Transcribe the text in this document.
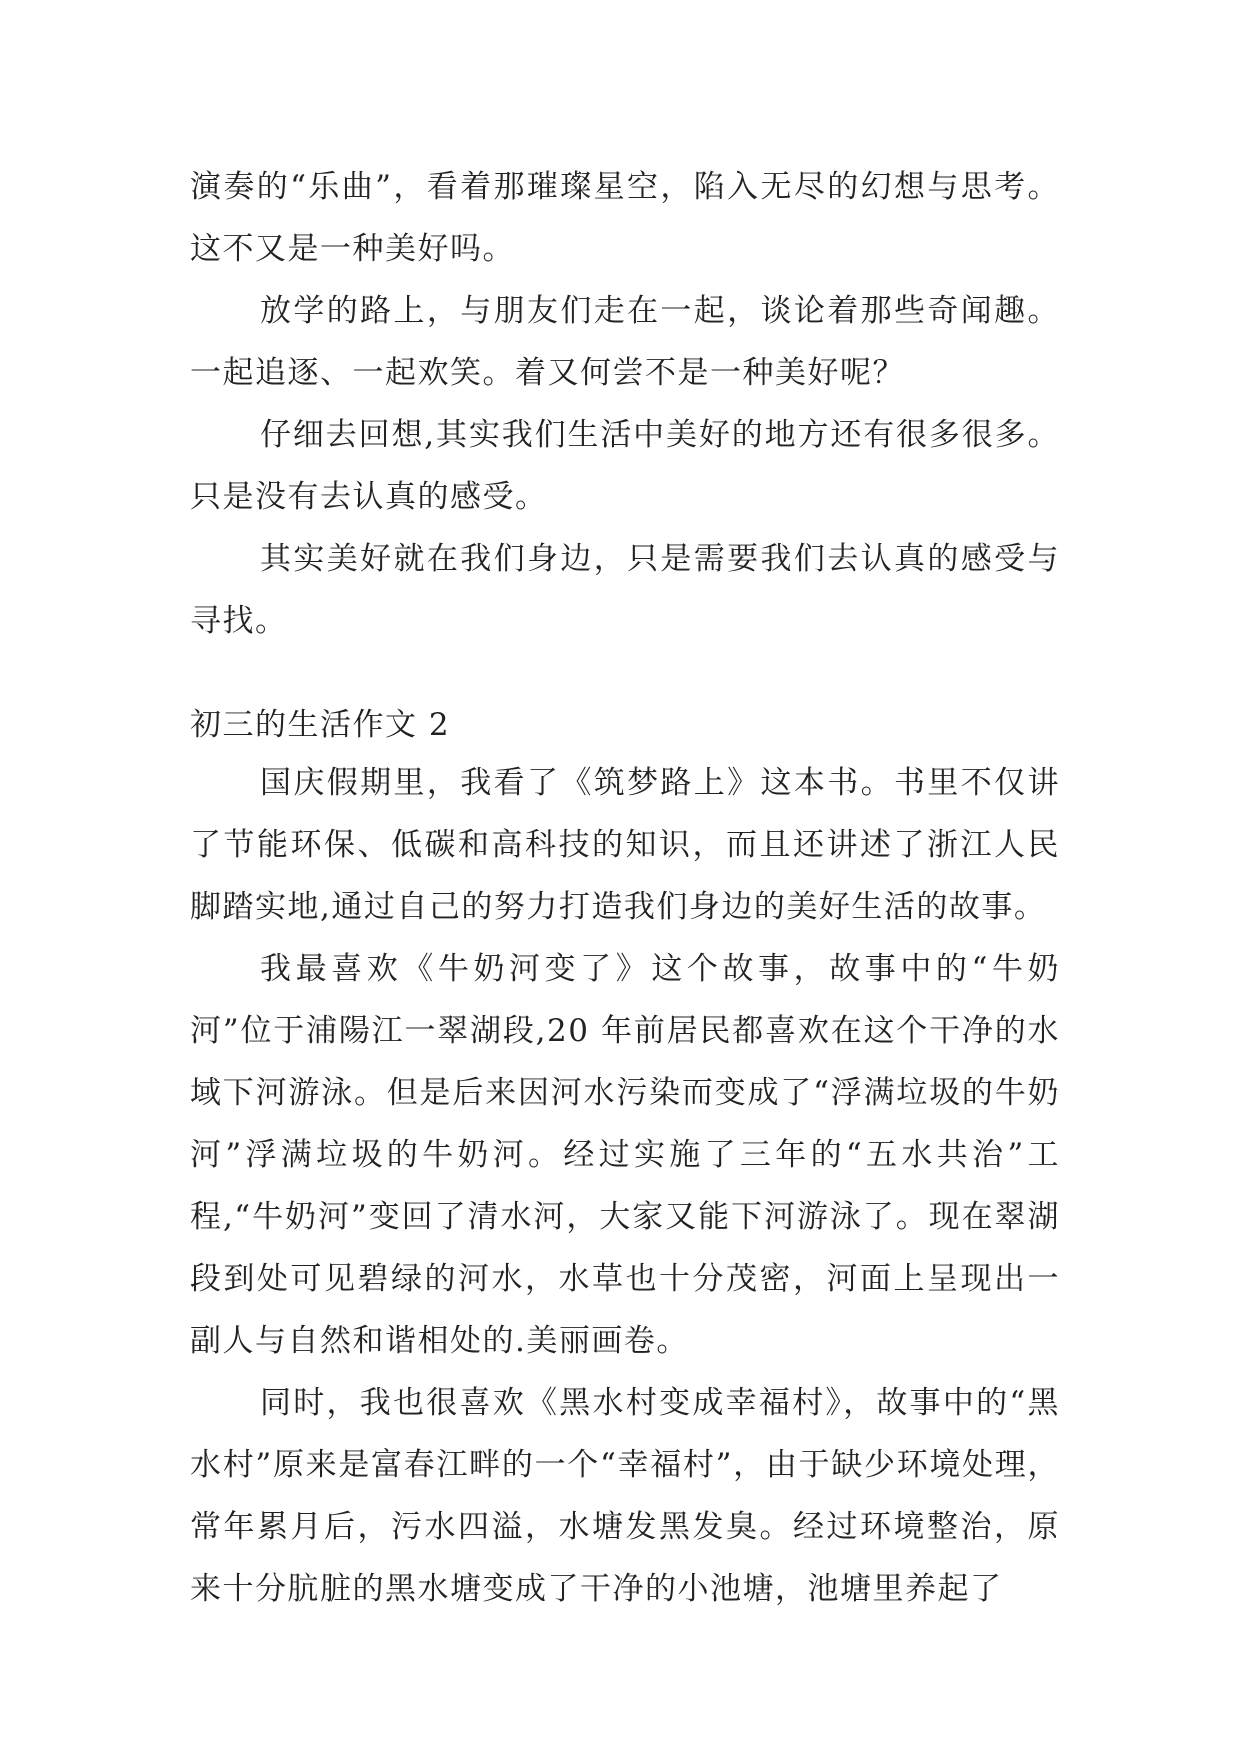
演奏的“乐曲”，看着那璀璨星空，陷入无尽的幻想与思考。这不又是一种美好吗。

放学的路上，与朋友们走在一起，谈论着那些奇闻趣。一起追逐、一起欢笑。着又何尝不是一种美好呢？

仔细去回想,其实我们生活中美好的地方还有很多很多。只是没有去认真的感受。

其实美好就在我们身边，只是需要我们去认真的感受与寻找。

初三的生活作文 2

国庆假期里，我看了《筑梦路上》这本书。书里不仅讲了节能环保、低碳和高科技的知识，而且还讲述了浙江人民脚踏实地,通过自己的努力打造我们身边的美好生活的故事。

我最喜欢《牛奶河变了》这个故事，故事中的“牛奶河”位于浦陽江一翠湖段,20 年前居民都喜欢在这个干净的水域下河游泳。但是后来因河水污染而变成了“浮满垃圾的牛奶河”浮满垃圾的牛奶河。经过实施了三年的“五水共治”工程,“牛奶河”变回了清水河，大家又能下河游泳了。现在翠湖段到处可见碧绿的河水，水草也十分茂密，河面上呈现出一副人与自然和谐相处的.美丽画卷。

同时，我也很喜欢《黑水村变成幸福村》，故事中的“黑水村”原来是富春江畔的一个“幸福村”，由于缺少环境处理，常年累月后，污水四溢，水塘发黑发臭。经过环境整治，原来十分肮脏的黑水塘变成了干净的小池塘，池塘里养起了
